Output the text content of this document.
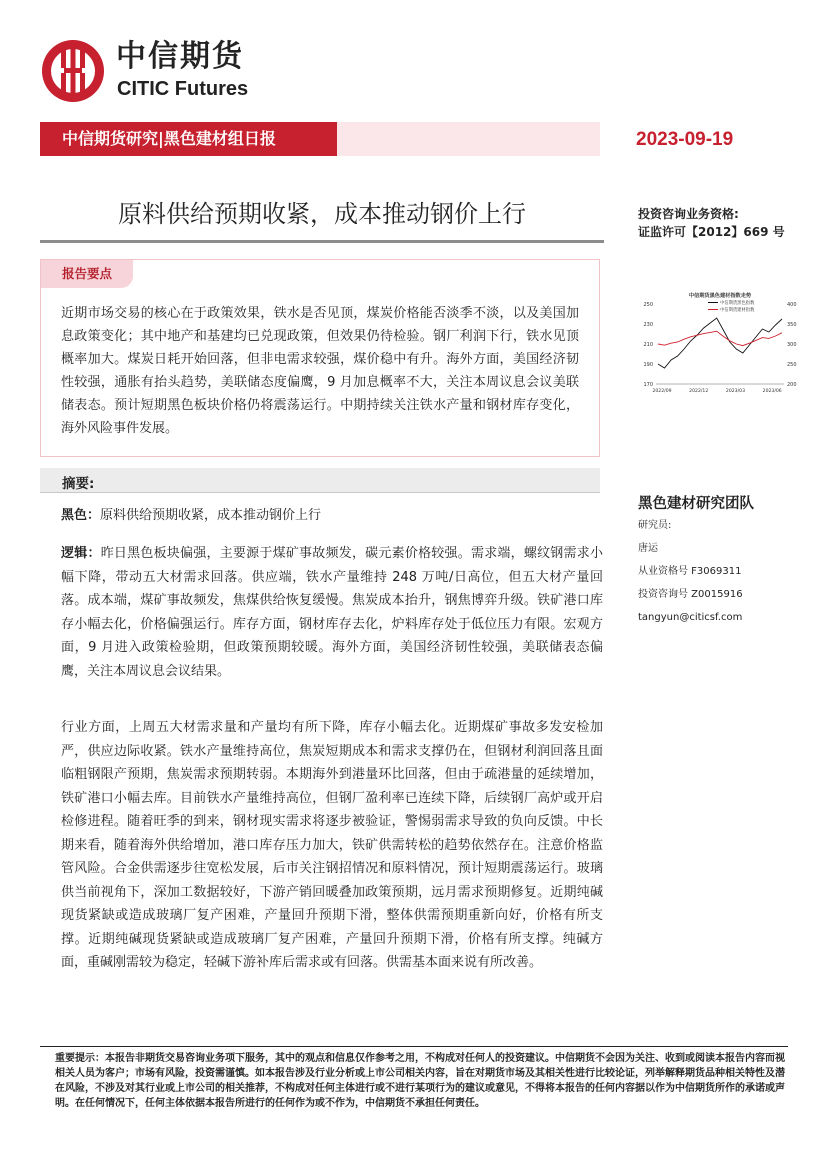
中信期货
CITIC Futures
中信期货研究|黑色建材组日报	2023-09-19
原料供给预期收紧，成本推动钢价上行	投资咨询业务资格:
证监许可【2012】669 号
中信期货黑色建材指数走势
中信期货黑色指数
中信期货建材指数
250
230
210
190
170
400
350
300
250
200
2022/09	2022/12	2023/03	2023/06
黑色建材研究团队
研究员:
唐运
从业资格号 F3069311
投资咨询号 Z0015916
tangyun@citicsf.com
报告要点
近期市场交易的核心在于政策效果，铁水是否见顶，煤炭价格能否淡季不淡，以及美国加息政策变化；其中地产和基建均已兑现政策，但效果仍待检验。钢厂利润下行，铁水见顶概率加大。煤炭日耗开始回落，但非电需求较强，煤价稳中有升。海外方面，美国经济韧性较强，通胀有抬头趋势，美联储态度偏鹰，9 月加息概率不大，关注本周议息会议美联储表态。预计短期黑色板块价格仍将震荡运行。中期持续关注铁水产量和钢材库存变化，海外风险事件发展。
摘要:
黑色：原料供给预期收紧，成本推动钢价上行
逻辑：昨日黑色板块偏强，主要源于煤矿事故频发，碳元素价格较强。需求端，螺纹钢需求小幅下降，带动五大材需求回落。供应端，铁水产量维持 248 万吨/日高位，但五大材产量回落。成本端，煤矿事故频发，焦煤供给恢复缓慢。焦炭成本抬升，钢焦博弈升级。铁矿港口库存小幅去化，价格偏强运行。库存方面，钢材库存去化，炉料库存处于低位压力有限。宏观方面，9 月进入政策检验期，但政策预期较暖。海外方面，美国经济韧性较强，美联储表态偏鹰，关注本周议息会议结果。
行业方面，上周五大材需求量和产量均有所下降，库存小幅去化。近期煤矿事故多发安检加严，供应边际收紧。铁水产量维持高位，焦炭短期成本和需求支撑仍在，但钢材利润回落且面临粗钢限产预期，焦炭需求预期转弱。本期海外到港量环比回落，但由于疏港量的延续增加，铁矿港口小幅去库。目前铁水产量维持高位，但钢厂盈利率已连续下降，后续钢厂高炉或开启检修进程。随着旺季的到来，钢材现实需求将逐步被验证，警惕弱需求导致的负向反馈。中长期来看，随着海外供给增加，港口库存压力加大，铁矿供需转松的趋势依然存在。注意价格监管风险。合金供需逐步往宽松发展，后市关注钢招情况和原料情况，预计短期震荡运行。玻璃供当前视角下，深加工数据较好，下游产销回暖叠加政策预期，远月需求预期修复。近期纯碱现货紧缺或造成玻璃厂复产困难，产量回升预期下滑，整体供需预期重新向好，价格有所支撑。近期纯碱现货紧缺或造成玻璃厂复产困难，产量回升预期下滑，价格有所支撑。纯碱方面，重碱刚需较为稳定，轻碱下游补库后需求或有回落。供需基本面来说有所改善。
重要提示：本报告非期货交易咨询业务项下服务，其中的观点和信息仅作参考之用，不构成对任何人的投资建议。中信期货不会因为关注、收到或阅读本报告内容而视相关人员为客户；市场有风险，投资需谨慎。如本报告涉及行业分析或上市公司相关内容，旨在对期货市场及其相关性进行比较论证，列举解释期货品种相关特性及潜在风险，不涉及对其行业或上市公司的相关推荐，不构成对任何主体进行或不进行某项行为的建议或意见，不得将本报告的任何内容据以作为中信期货所作的承诺或声明。在任何情况下，任何主体依据本报告所进行的任何作为或不作为，中信期货不承担任何责任。
